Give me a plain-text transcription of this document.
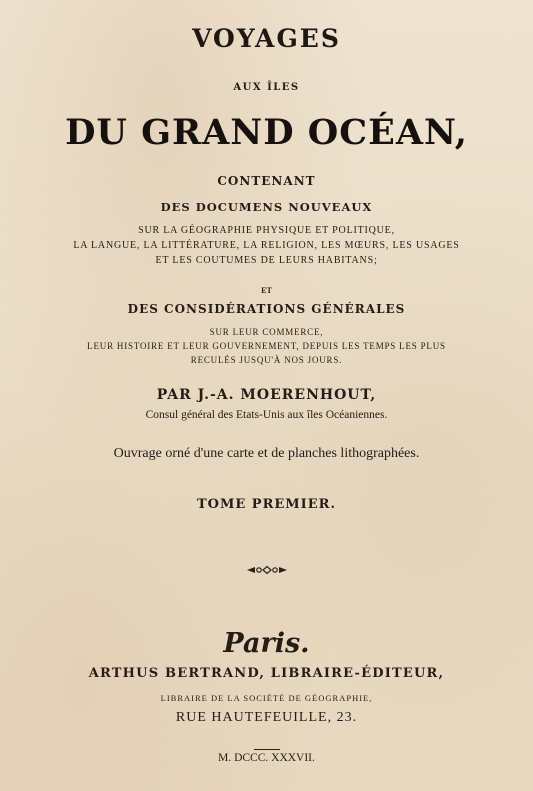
VOYAGES
AUX ÎLES
DU GRAND OCÉAN,
CONTENANT
DES DOCUMENS NOUVEAUX
SUR LA GÉOGRAPHIE PHYSIQUE ET POLITIQUE,
LA LANGUE, LA LITTÉRATURE, LA RELIGION, LES MŒURS, LES USAGES
ET LES COUTUMES DE LEURS HABITANS;
ET
DES CONSIDÉRATIONS GÉNÉRALES
SUR LEUR COMMERCE,
LEUR HISTOIRE ET LEUR GOUVERNEMENT, DEPUIS LES TEMPS LES PLUS
RECULÉS JUSQU'À NOS JOURS.
PAR J.-A. MOERENHOUT,
Consul général des Etats-Unis aux îles Océaniennes.
Ouvrage orné d'une carte et de planches lithographées.
TOME PREMIER.
Paris.
ARTHUS BERTRAND, LIBRAIRE-ÉDITEUR,
LIBRAIRE DE LA SOCIÉTÉ DE GÉOGRAPHIE,
RUE HAUTEFEUILLE, 23.
M. DCCC. XXXVII.
